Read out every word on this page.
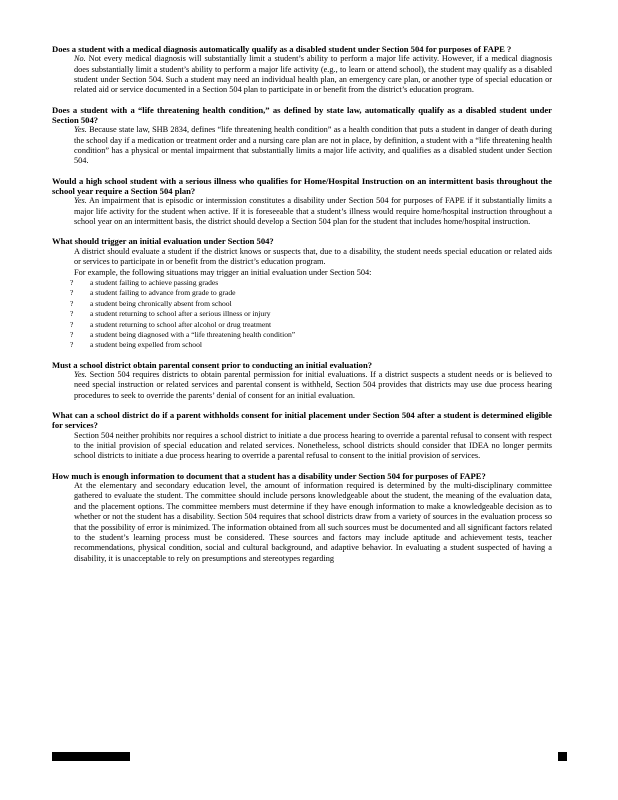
Does a student with a medical diagnosis automatically qualify as a disabled student under Section 504 for purposes of FAPE ?
No. Not every medical diagnosis will substantially limit a student’s ability to perform a major life activity. However, if a medical diagnosis does substantially limit a student’s ability to perform a major life activity (e.g., to learn or attend school), the student may qualify as a disabled student under Section 504. Such a student may need an individual health plan, an emergency care plan, or another type of special education or related aid or service documented in a Section 504 plan to participate in or benefit from the district’s education program.
Does a student with a “life threatening health condition,” as defined by state law, automatically qualify as a disabled student under Section 504?
Yes. Because state law, SHB 2834, defines “life threatening health condition” as a health condition that puts a student in danger of death during the school day if a medication or treatment order and a nursing care plan are not in place, by definition, a student with a “life threatening health condition” has a physical or mental impairment that substantially limits a major life activity, and qualifies as a disabled student under Section 504.
Would a high school student with a serious illness who qualifies for Home/Hospital Instruction on an intermittent basis throughout the school year require a Section 504 plan?
Yes. An impairment that is episodic or intermission constitutes a disability under Section 504 for purposes of FAPE if it substantially limits a major life activity for the student when active. If it is foreseeable that a student’s illness would require home/hospital instruction throughout a school year on an intermittent basis, the district should develop a Section 504 plan for the student that includes home/hospital instruction.
What should trigger an initial evaluation under Section 504?
A district should evaluate a student if the district knows or suspects that, due to a disability, the student needs special education or related aids or services to participate in or benefit from the district’s education program.
For example, the following situations may trigger an initial evaluation under Section 504:
? a student failing to achieve passing grades
? a student failing to advance from grade to grade
? a student being chronically absent from school
? a student returning to school after a serious illness or injury
? a student returning to school after alcohol or drug treatment
? a student being diagnosed with a “life threatening health condition”
? a student being expelled from school
Must a school district obtain parental consent prior to conducting an initial evaluation?
Yes. Section 504 requires districts to obtain parental permission for initial evaluations. If a district suspects a student needs or is believed to need special instruction or related services and parental consent is withheld, Section 504 provides that districts may use due process hearing procedures to seek to override the parents’ denial of consent for an initial evaluation.
What can a school district do if a parent withholds consent for initial placement under Section 504 after a student is determined eligible for services?
Section 504 neither prohibits nor requires a school district to initiate a due process hearing to override a parental refusal to consent with respect to the initial provision of special education and related services. Nonetheless, school districts should consider that IDEA no longer permits school districts to initiate a due process hearing to override a parental refusal to consent to the initial provision of services.
How much is enough information to document that a student has a disability under Section 504 for purposes of FAPE?
At the elementary and secondary education level, the amount of information required is determined by the multi-disciplinary committee gathered to evaluate the student. The committee should include persons knowledgeable about the student, the meaning of the evaluation data, and the placement options. The committee members must determine if they have enough information to make a knowledgeable decision as to whether or not the student has a disability. Section 504 requires that school districts draw from a variety of sources in the evaluation process so that the possibility of error is minimized. The information obtained from all such sources must be documented and all significant factors related to the student’s learning process must be considered. These sources and factors may include aptitude and achievement tests, teacher recommendations, physical condition, social and cultural background, and adaptive behavior. In evaluating a student suspected of having a disability, it is unacceptable to rely on presumptions and stereotypes regarding
